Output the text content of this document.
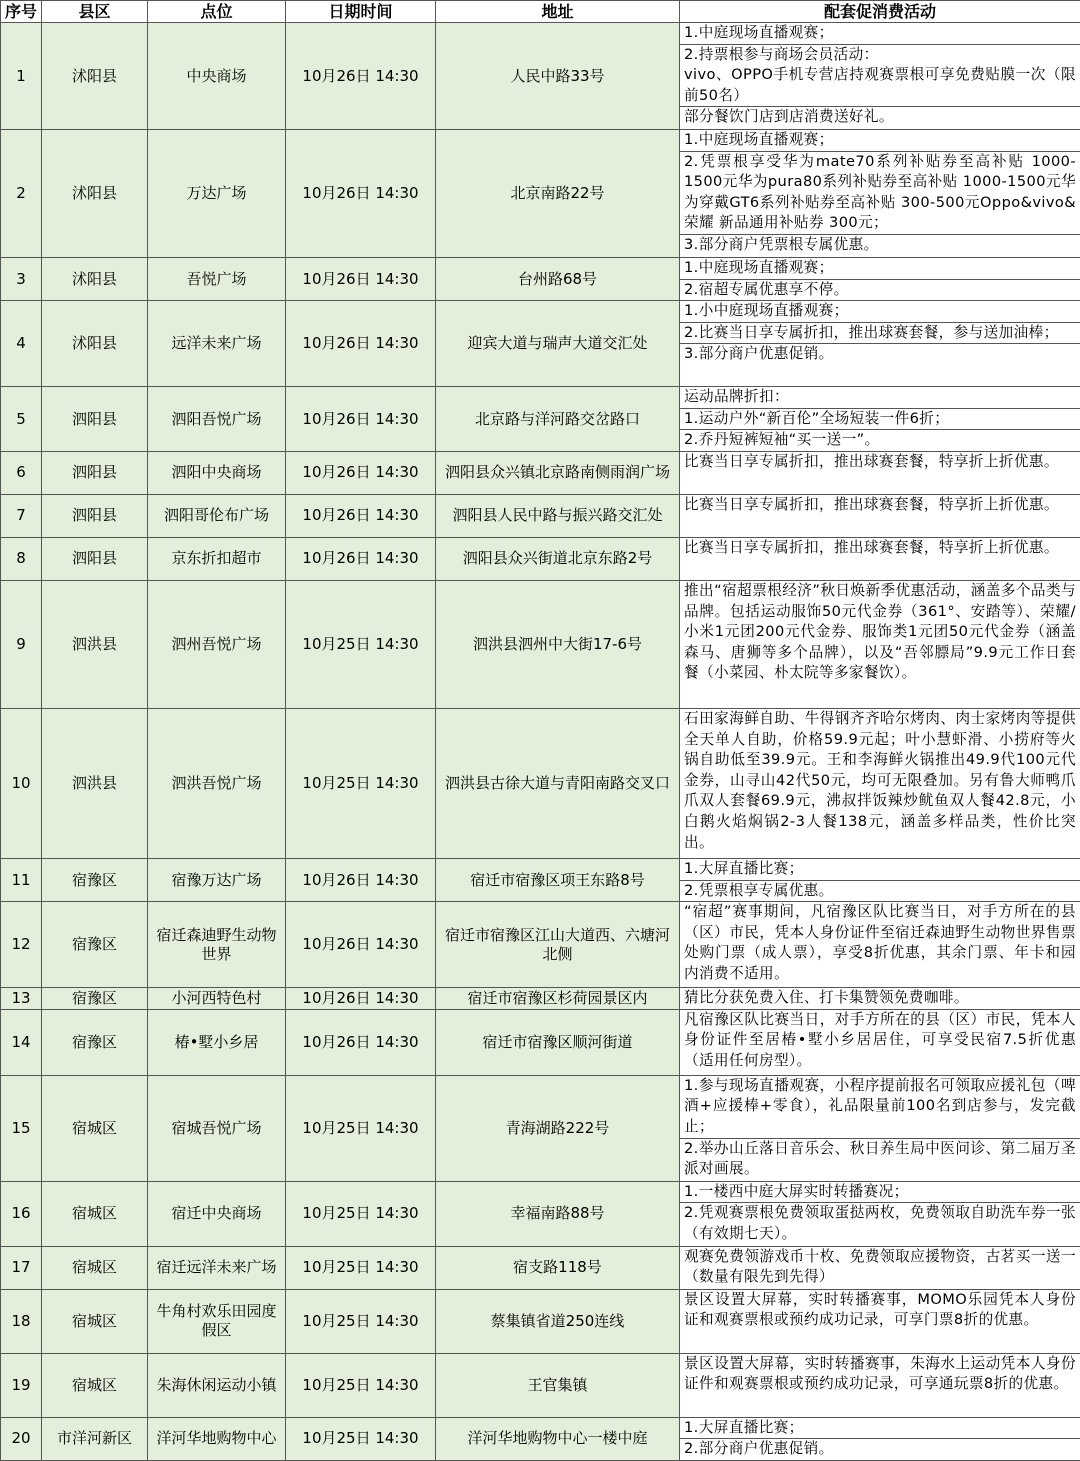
序号	县区	点位	日期时间	地址	配套促消费活动
1	沭阳县	中央商场	10月26日 14:30	人民中路33号	1.中庭现场直播观赛；
2.持票根参与商场会员活动：
vivo、OPPO手机专营店持观赛票根可享免费贴膜一次（限前50名）
部分餐饮门店到店消费送好礼。

2	沭阳县	万达广场	10月26日 14:30	北京南路22号	1.中庭现场直播观赛；
2.凭票根享受华为mate70系列补贴券至高补贴 1000-1500元华为pura80系列补贴券至高补贴 1000-1500元华为穿戴GT6系列补贴券至高补贴 300-500元Oppo&vivo&荣耀 新品通用补贴券 300元；
3.部分商户凭票根专属优惠。

3	沭阳县	吾悦广场	10月26日 14:30	台州路68号	1.中庭现场直播观赛；
2.宿超专属优惠享不停。

4	沭阳县	远洋未来广场	10月26日 14:30	迎宾大道与瑞声大道交汇处	1.小中庭现场直播观赛；
2.比赛当日享专属折扣，推出球赛套餐，参与送加油棒；
3.部分商户优惠促销。

5	泗阳县	泗阳吾悦广场	10月26日 14:30	北京路与洋河路交岔路口	运动品牌折扣：
1.运动户外“新百伦”全场短装一件6折；
2.乔丹短裤短袖“买一送一”。

6	泗阳县	泗阳中央商场	10月26日 14:30	泗阳县众兴镇北京路南侧雨润广场	比赛当日享专属折扣，推出球赛套餐，特享折上折优惠。

7	泗阳县	泗阳哥伦布广场	10月26日 14:30	泗阳县人民中路与振兴路交汇处	比赛当日享专属折扣，推出球赛套餐，特享折上折优惠。

8	泗阳县	京东折扣超市	10月26日 14:30	泗阳县众兴街道北京东路2号	比赛当日享专属折扣，推出球赛套餐，特享折上折优惠。

9	泗洪县	泗州吾悦广场	10月25日 14:30	泗洪县泗州中大街17-6号	推出“宿超票根经济”秋日焕新季优惠活动，涵盖多个品类与品牌。包括运动服饰50元代金券（361°、安踏等）、荣耀/小米1元团200元代金券、服饰类1元团50元代金券（涵盖森马、唐狮等多个品牌），以及“吾邻膘局”9.9元工作日套餐（小菜园、朴太院等多家餐饮）。

10	泗洪县	泗洪吾悦广场	10月25日 14:30	泗洪县古徐大道与青阳南路交叉口	石田家海鲜自助、牛得钢齐齐哈尔烤肉、肉士家烤肉等提供全天单人自助，价格59.9元起；叶小慧虾滑、小捞府等火锅自助低至39.9元。王和李海鲜火锅推出49.9代100元代金券，山寻山42代50元，均可无限叠加。另有鲁大师鸭爪爪双人套餐69.9元，沸叔拌饭辣炒鱿鱼双人餐42.8元，小白鹅火焰焖锅2-3人餐138元，涵盖多样品类，性价比突出。

11	宿豫区	宿豫万达广场	10月26日 14:30	宿迁市宿豫区项王东路8号	1.大屏直播比赛；
2.凭票根享专属优惠。

12	宿豫区	宿迁森迪野生动物世界	10月26日 14:30	宿迁市宿豫区江山大道西、六塘河北侧	“宿超”赛事期间，凡宿豫区队比赛当日，对手方所在的县（区）市民，凭本人身份证件至宿迁森迪野生动物世界售票处购门票（成人票），享受8折优惠，其余门票、年卡和园内消费不适用。

13	宿豫区	小河西特色村	10月26日 14:30	宿迁市宿豫区杉荷园景区内	猜比分获免费入住、打卡集赞领免费咖啡。

14	宿豫区	椿•墅小乡居	10月26日 14:30	宿迁市宿豫区顺河街道	凡宿豫区队比赛当日，对手方所在的县（区）市民，凭本人身份证件至居椿•墅小乡居居住，可享受民宿7.5折优惠（适用任何房型）。

15	宿城区	宿城吾悦广场	10月25日 14:30	青海湖路222号	1.参与现场直播观赛，小程序提前报名可领取应援礼包（啤酒+应援棒+零食），礼品限量前100名到店参与，发完截止；
2.举办山丘落日音乐会、秋日养生局中医问诊、第二届万圣派对画展。

16	宿城区	宿迁中央商场	10月25日 14:30	幸福南路88号	1.一楼西中庭大屏实时转播赛况；
2.凭观赛票根免费领取蛋挞两枚，免费领取自助洗车券一张（有效期七天）。

17	宿城区	宿迁远洋未来广场	10月25日 14:30	宿支路118号	观赛免费领游戏币十枚、免费领取应援物资，古茗买一送一（数量有限先到先得）

18	宿城区	牛角村欢乐田园度假区	10月25日 14:30	蔡集镇省道250连线	景区设置大屏幕，实时转播赛事，MOMO乐园凭本人身份证和观赛票根或预约成功记录，可享门票8折的优惠。

19	宿城区	朱海休闲运动小镇	10月25日 14:30	王官集镇	景区设置大屏幕，实时转播赛事，朱海水上运动凭本人身份证件和观赛票根或预约成功记录，可享通玩票8折的优惠。

20	市洋河新区	洋河华地购物中心	10月25日 14:30	洋河华地购物中心一楼中庭	1.大屏直播比赛；
2.部分商户优惠促销。
